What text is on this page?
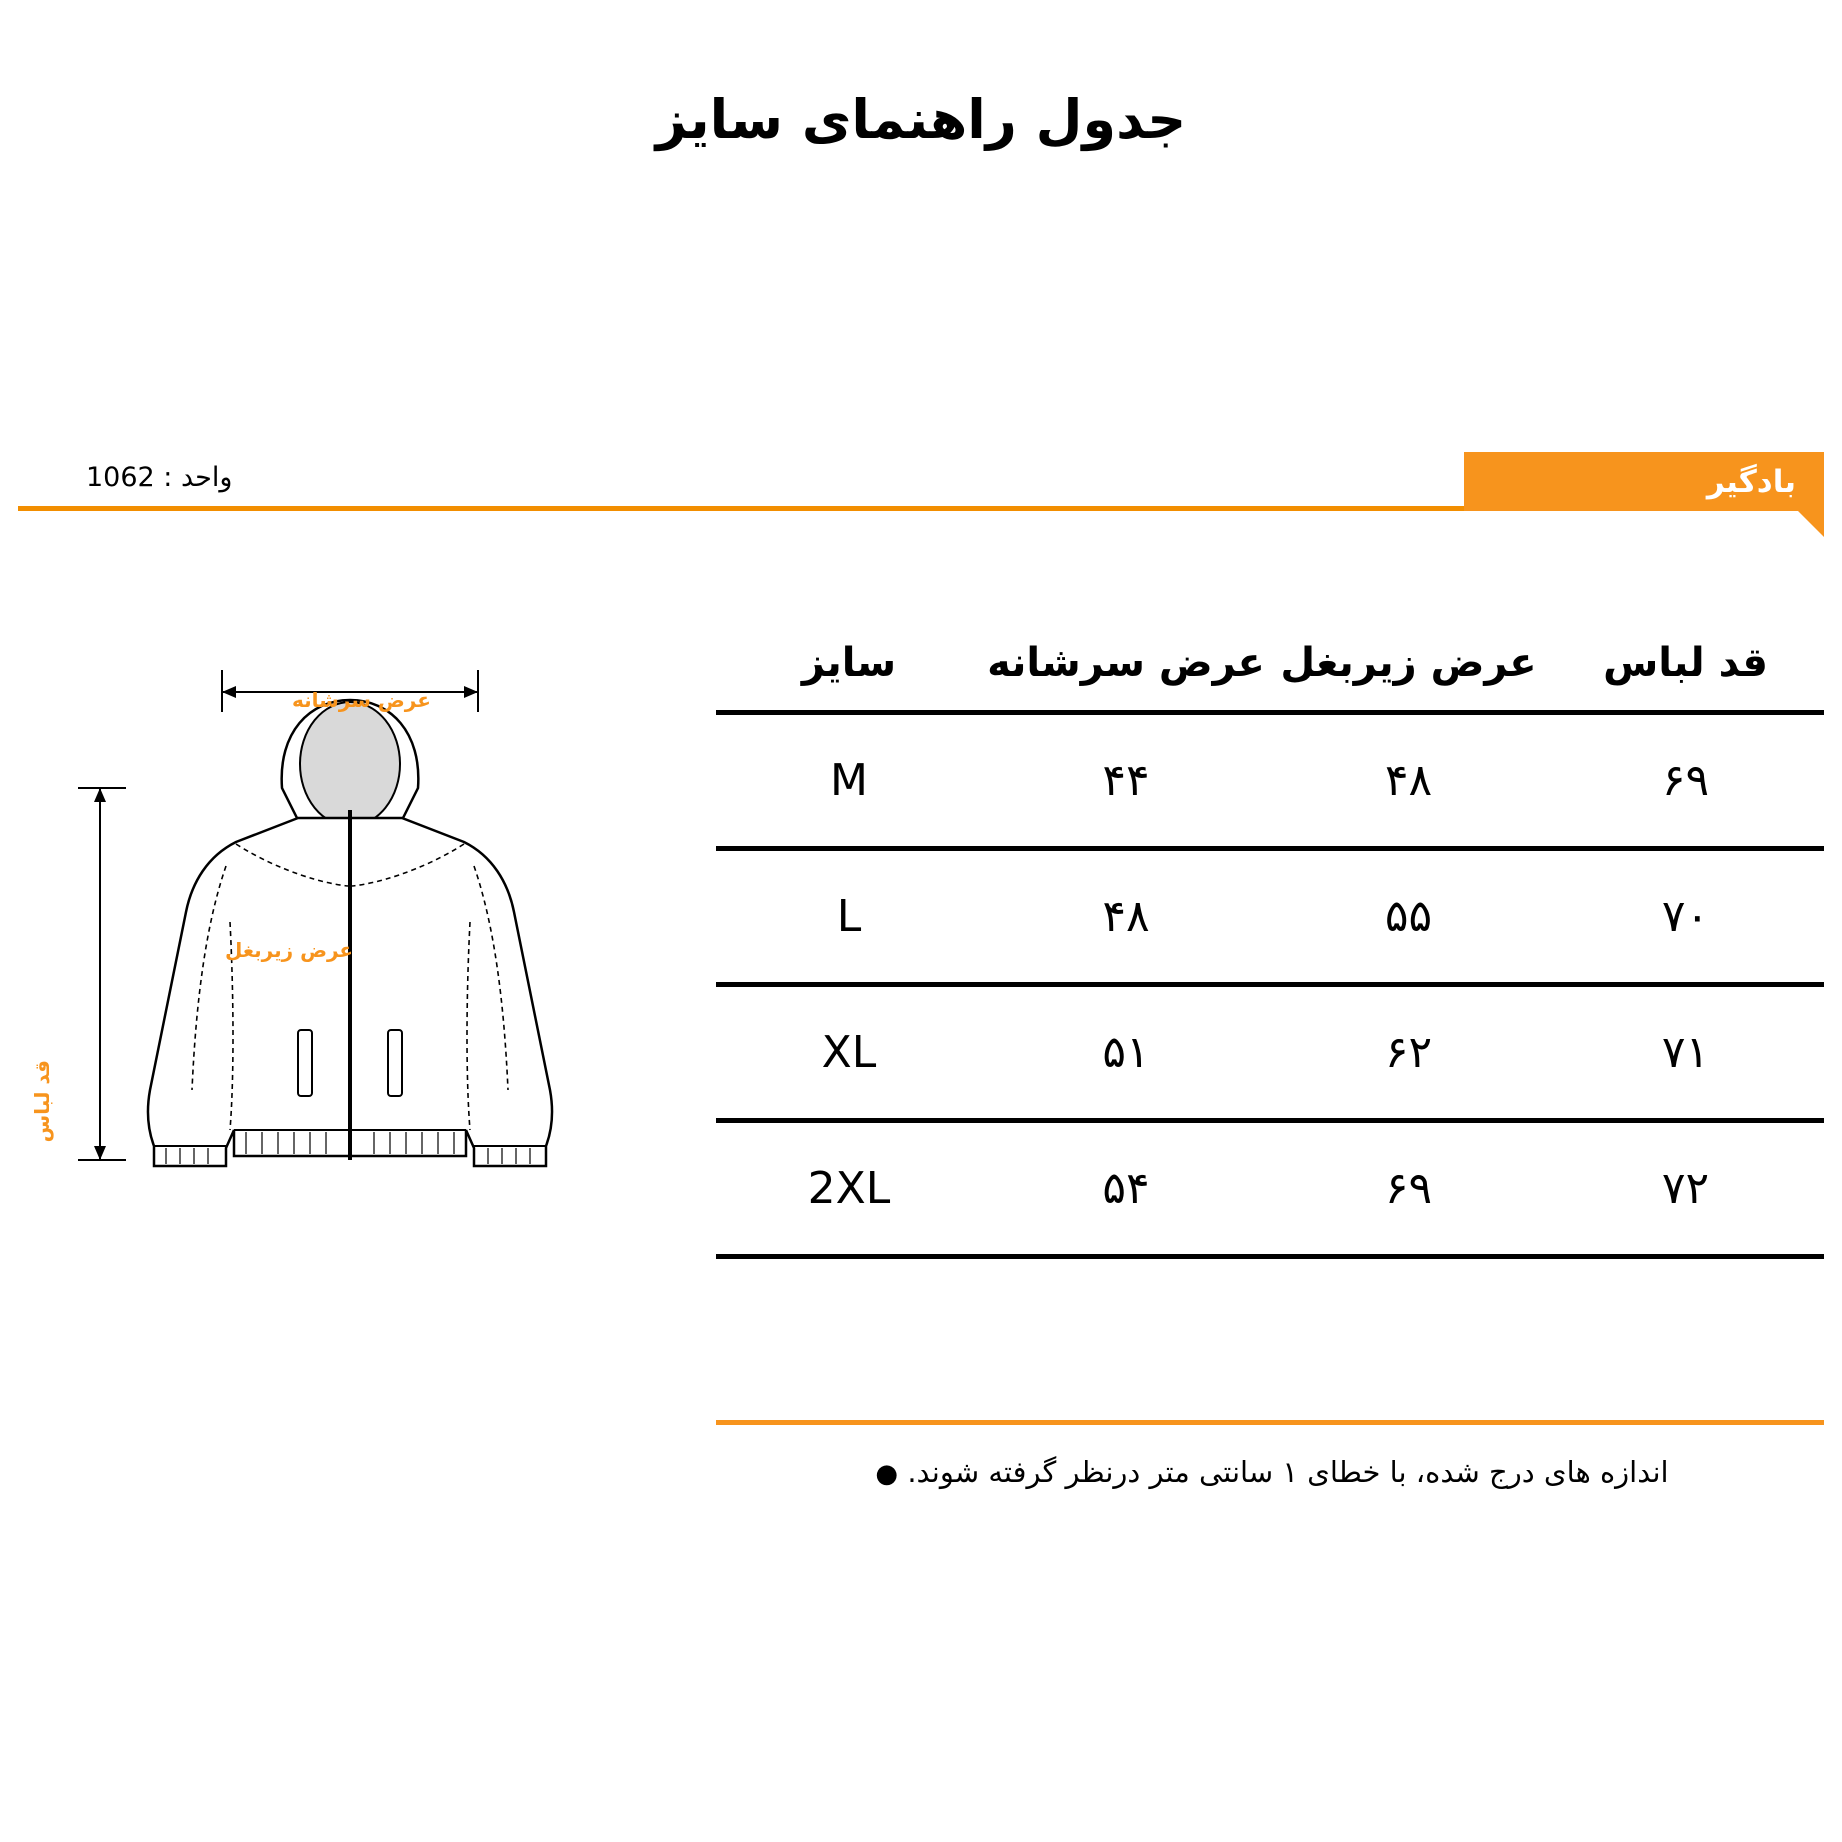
جدول راهنمای سایز
بادگیر
واحد : 1062
قد لباس	عرض زیربغل	عرض سرشانه	سایز
۶۹	۴۸	۴۴	M
۷۰	۵۵	۴۸	L
۷۱	۶۲	۵۱	XL
۷۲	۶۹	۵۴	2XL
اندازه های درج شده، با خطای ۱ سانتی متر درنظر گرفته شوند. ●
عرض سرشانه
عرض زیربغل
قد لباس
